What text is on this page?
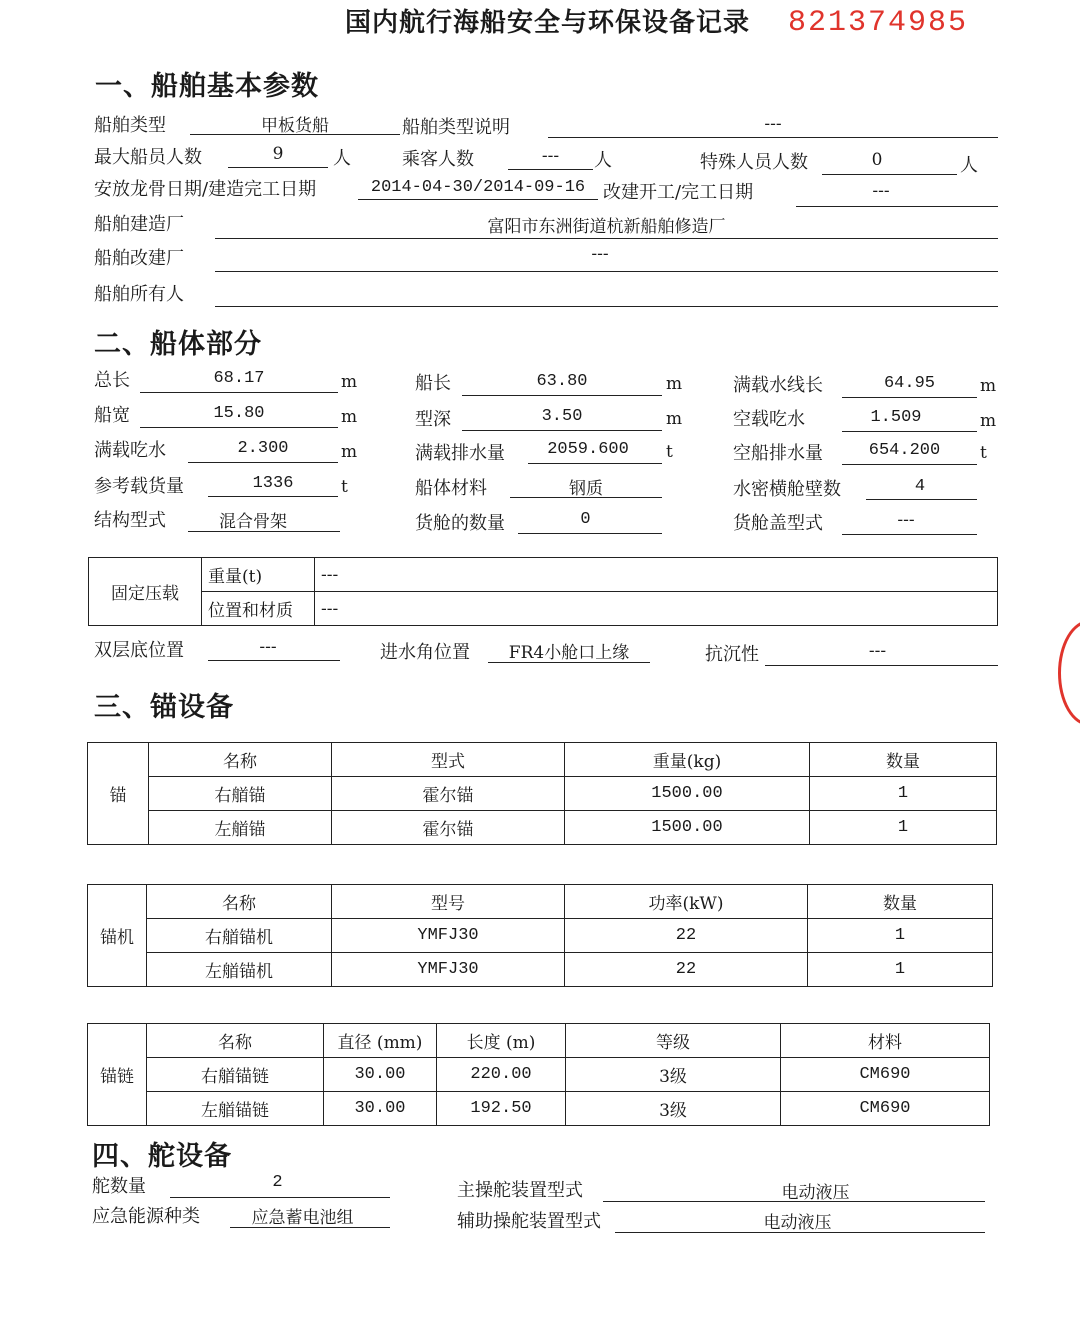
国内航行海船安全与环保设备记录 821374985
一、船舶基本参数
船舶类型	甲板货船	船舶类型说明	---
最大船员人数	9	人	乘客人数	---	人	特殊人员人数	0	人
安放龙骨日期/建造完工日期	2014-04-30/2014-09-16 改建开工/完工日期	---
船舶建造厂	富阳市东洲街道杭新船舶修造厂
船舶改建厂	---
船舶所有人
二、船体部分
总长	68.17	m	船长	63.80	m	满载水线长	64.95	m
船宽	15.80	m	型深	3.50	m	空载吃水	1.509	m
满载吃水	2.300	m	满载排水量	2059.600	t	空船排水量	654.200	t
参考载货量	1336	t	船体材料	钢质	水密横舱壁数	4
结构型式	混合骨架	货舱的数量	0	货舱盖型式	---
固定压载	重量(t)	---
	位置和材质	---
双层底位置	---	进水角位置	FR4小舱口上缘	抗沉性	---
三、锚设备
锚	名称	型式	重量(kg)	数量
	右艏锚	霍尔锚	1500.00	1
	左艏锚	霍尔锚	1500.00	1
锚机	名称	型号	功率(kW)	数量
	右艏锚机	YMFJ30	22	1
	左艏锚机	YMFJ30	22	1
锚链	名称	直径 (mm)	长度 (m)	等级	材料
	右艏锚链	30.00	220.00	3级	CM690
	左艏锚链	30.00	192.50	3级	CM690
四、舵设备
舵数量	2	主操舵装置型式	电动液压
应急能源种类	应急蓄电池组	辅助操舵装置型式	电动液压
